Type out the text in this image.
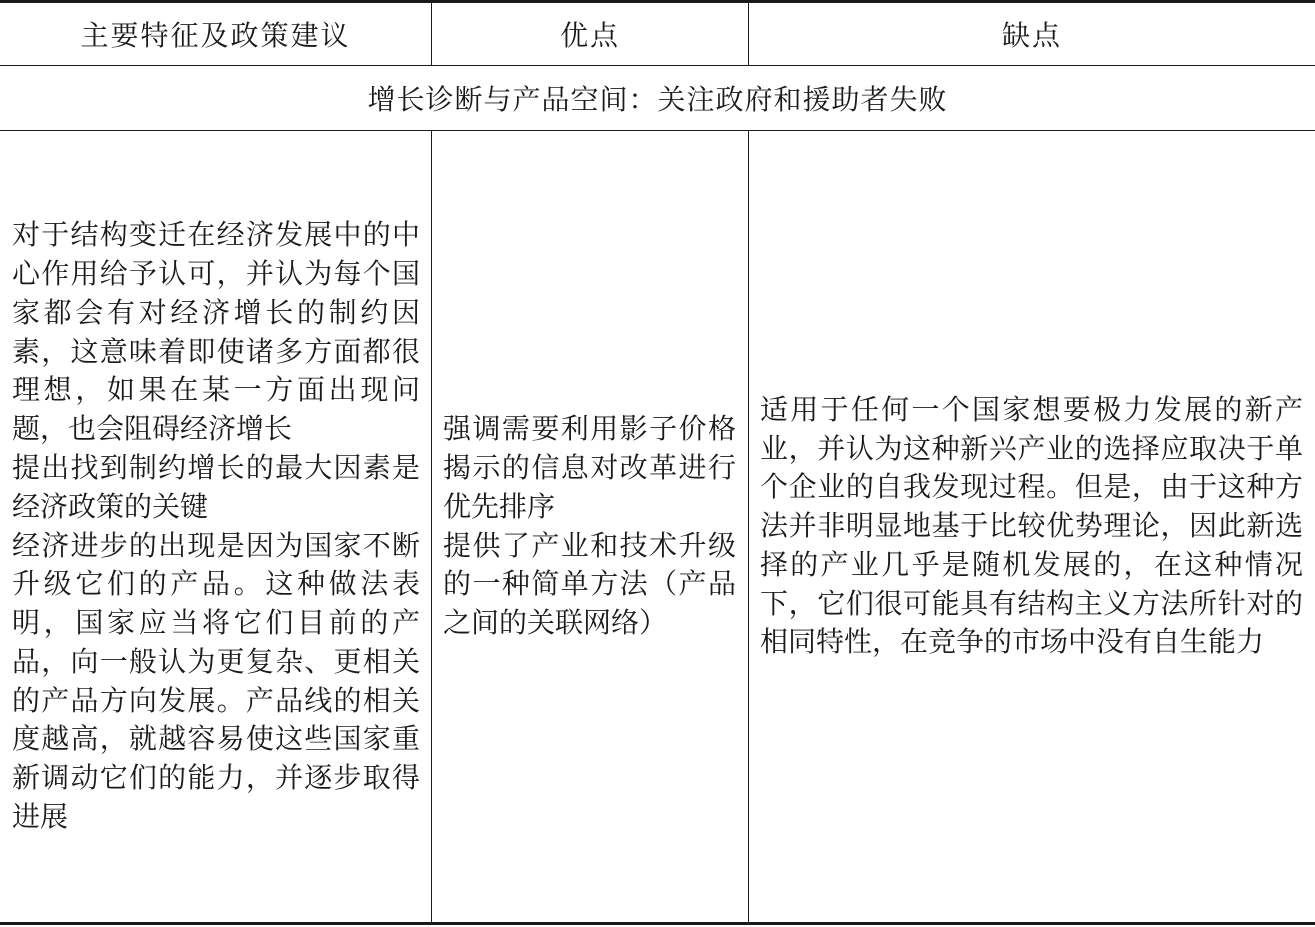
主要特征及政策建议	优点	缺点
增长诊断与产品空间：关注政府和援助者失败

对于结构变迁在经济发展中的中心作用给予认可，并认为每个国家都会有对经济增长的制约因素，这意味着即使诸多方面都很理想，如果在某一方面出现问题，也会阻碍经济增长

提出找到制约增长的最大因素是经济政策的关键

经济进步的出现是因为国家不断升级它们的产品。这种做法表明，国家应当将它们目前的产品，向一般认为更复杂、更相关的产品方向发展。产品线的相关度越高，就越容易使这些国家重新调动它们的能力，并逐步取得进展

强调需要利用影子价格揭示的信息对改革进行优先排序

提供了产业和技术升级的一种简单方法（产品之间的关联网络）

适用于任何一个国家想要极力发展的新产业，并认为这种新兴产业的选择应取决于单个企业的自我发现过程。但是，由于这种方法并非明显地基于比较优势理论，因此新选择的产业几乎是随机发展的，在这种情况下，它们很可能具有结构主义方法所针对的相同特性，在竞争的市场中没有自生能力
